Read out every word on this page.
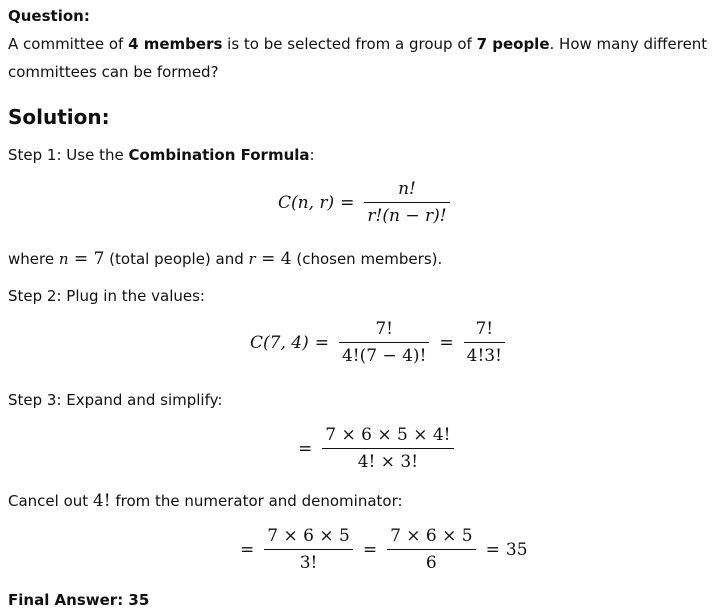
Question:
A committee of 4 members is to be selected from a group of 7 people. How many different
committees can be formed?
Solution:
Step 1: Use the Combination Formula:
C(n, $r) = \frac{n!}{r!(n - r)!}$
where n = 7 (total people) and r = 4 (chosen members).
Step 2: Plug in the values:
C(7, $4) = \frac{7!}{4!(7 - 4)!} = \frac{7!}{4!3!}$
Step 3: Expand and simplify:
= $\frac{7 \times 6 \times 5 \times 4!}{4! \times 3!}$
Cancel out 4! from the numerator and denominator:
= $\frac{7 \times 6 \times 5}{3!} = \frac{7 \times 6 \times 5}{6} = 35$
Final Answer: 35
